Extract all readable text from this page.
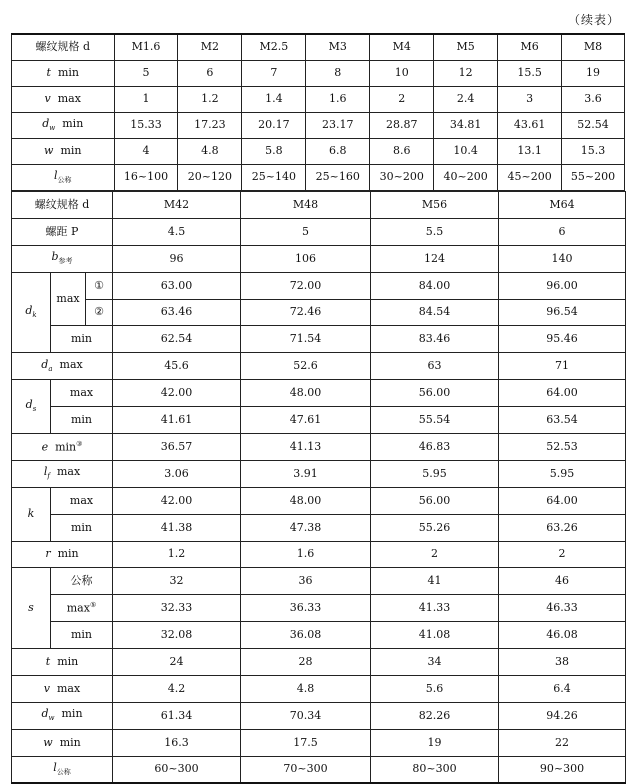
（续表）
螺纹规格 d	M1.6	M2	M2.5	M3	M4	M5	M6	M8
t min	5	6	7	8	10	12	15.5	19
v max	1	1.2	1.4	1.6	2	2.4	3	3.6
$d_w$ min	15.33	17.23	20.17	23.17	28.87	34.81	43.61	52.54
w min	4	4.8	5.8	6.8	8.6	10.4	13.1	15.3
$l_{公称}$	16~100	20~120	25~140	25~160	30~200	40~200	45~200	55~200
螺纹规格 d			M42	M48	M56	M64
螺距 P			4.5	5	5.5	6
$b_{参考}$			96	106	124	140
$d_k$	max	①	63.00	72.00	84.00	96.00
		②	63.46	72.46	84.54	96.54
	min		62.54	71.54	83.46	95.46
$d_a$ max			45.6	52.6	63	71
$d_s$	max		42.00	48.00	56.00	64.00
	min		41.61	47.61	55.54	63.54
e min③			36.57	41.13	46.83	52.53
$l_f$ max			3.06	3.91	5.95	5.95
k	max		42.00	48.00	56.00	64.00
	min		41.38	47.38	55.26	63.26
r min			1.2	1.6	2	2
s	公称		32	36	41	46
	max⑤		32.33	36.33	41.33	46.33
	min		32.08	36.08	41.08	46.08
t min			24	28	34	38
v max			4.2	4.8	5.6	6.4
$d_w$ min			61.34	70.34	82.26	94.26
w min			16.3	17.5	19	22
$l_{公称}$			60~300	70~300	80~300	90~300
